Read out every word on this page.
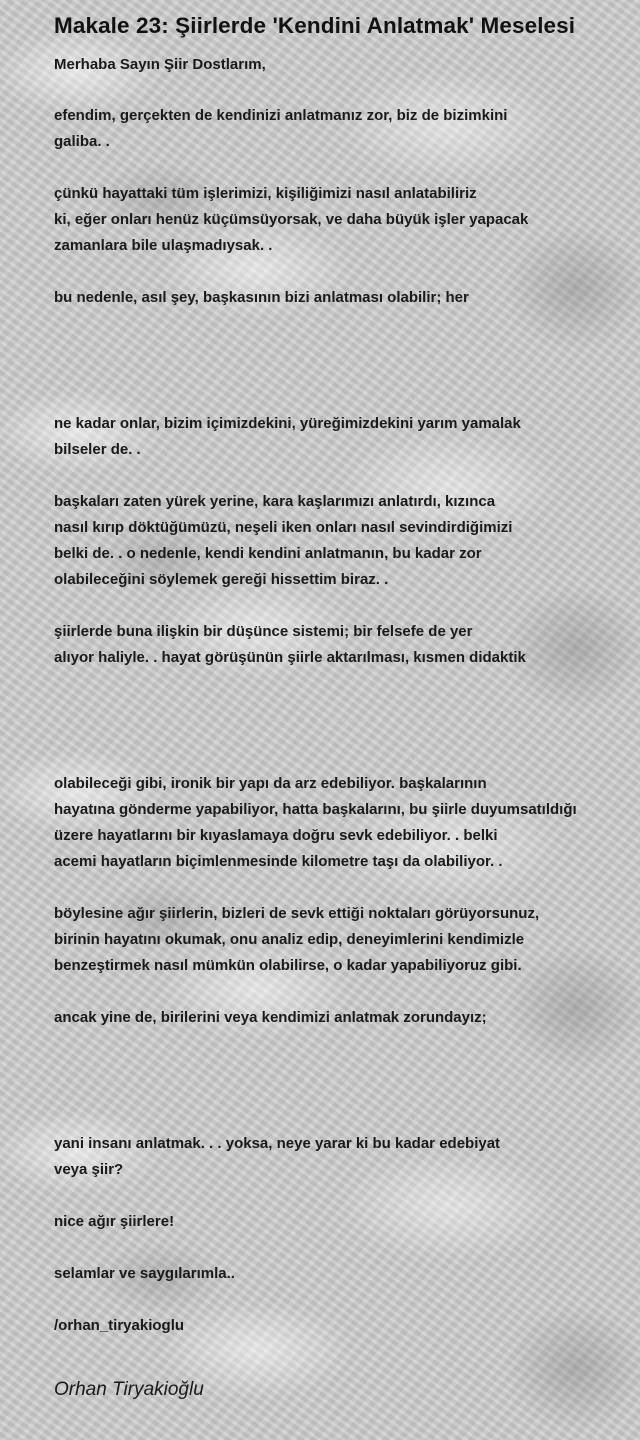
Makale 23: Şiirlerde 'Kendini Anlatmak' Meselesi

Merhaba Sayın Şiir Dostlarım,

efendim, gerçekten de kendinizi anlatmanız zor, biz de bizimkini
galiba. .

çünkü hayattaki tüm işlerimizi, kişiliğimizi nasıl anlatabiliriz
ki, eğer onları henüz küçümsüyorsak, ve daha büyük işler yapacak
zamanlara bile ulaşmadıysak. .

bu nedenle, asıl şey, başkasının bizi anlatması olabilir; her

ne kadar onlar, bizim içimizdekini, yüreğimizdekini yarım yamalak
bilseler de. .

başkaları zaten yürek yerine, kara kaşlarımızı anlatırdı, kızınca
nasıl kırıp döktüğümüzü, neşeli iken onları nasıl sevindirdiğimizi
belki de. . o nedenle, kendi kendini anlatmanın, bu kadar zor
olabileceğini söylemek gereği hissettim biraz. .

şiirlerde buna ilişkin bir düşünce sistemi; bir felsefe de yer
alıyor haliyle. . hayat görüşünün şiirle aktarılması, kısmen didaktik

olabileceği gibi, ironik bir yapı da arz edebiliyor. başkalarının
hayatına gönderme yapabiliyor, hatta başkalarını, bu şiirle duyumsatıldığı
üzere hayatlarını bir kıyaslamaya doğru sevk edebiliyor. . belki
acemi hayatların biçimlenmesinde kilometre taşı da olabiliyor. .

böylesine ağır şiirlerin, bizleri de sevk ettiği noktaları görüyorsunuz,
birinin hayatını okumak, onu analiz edip, deneyimlerini kendimizle
benzeştirmek nasıl mümkün olabilirse, o kadar yapabiliyoruz gibi.

ancak yine de, birilerini veya kendimizi anlatmak zorundayız;

yani insanı anlatmak. . . yoksa, neye yarar ki bu kadar edebiyat
veya şiir?

nice ağır şiirlere!

selamlar ve saygılarımla..

/orhan_tiryakioglu

Orhan Tiryakioğlu
